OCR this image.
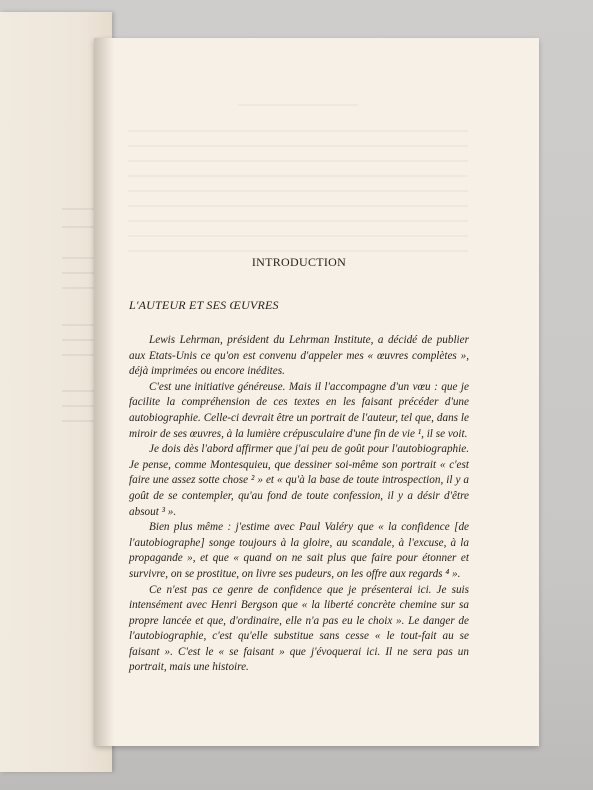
INTRODUCTION
L'AUTEUR ET SES ŒUVRES

Lewis Lehrman, président du Lehrman Institute, a décidé de publier aux Etats-Unis ce qu'on est convenu d'appeler mes « œuvres complètes », déjà imprimées ou encore inédites.

C'est une initiative généreuse. Mais il l'accompagne d'un vœu : que je facilite la compréhension de ces textes en les faisant précéder d'une autobiographie. Celle-ci devrait être un portrait de l'auteur, tel que, dans le miroir de ses œuvres, à la lumière crépusculaire d'une fin de vie ¹, il se voit.

Je dois dès l'abord affirmer que j'ai peu de goût pour l'autobiographie. Je pense, comme Montesquieu, que dessiner soi-même son portrait « c'est faire une assez sotte chose ² » et « qu'à la base de toute introspection, il y a goût de se contempler, qu'au fond de toute confession, il y a désir d'être absout ³ ».

Bien plus même : j'estime avec Paul Valéry que « la confidence [de l'autobiographe] songe toujours à la gloire, au scandale, à l'excuse, à la propagande », et que « quand on ne sait plus que faire pour étonner et survivre, on se prostitue, on livre ses pudeurs, on les offre aux regards ⁴ ».

Ce n'est pas ce genre de confidence que je présenterai ici. Je suis intensément avec Henri Bergson que « la liberté concrète chemine sur sa propre lancée et que, d'ordinaire, elle n'a pas eu le choix ». Le danger de l'autobiographie, c'est qu'elle substitue sans cesse « le tout-fait au se faisant ». C'est le « se faisant » que j'évoquerai ici. Il ne sera pas un portrait, mais une histoire.
